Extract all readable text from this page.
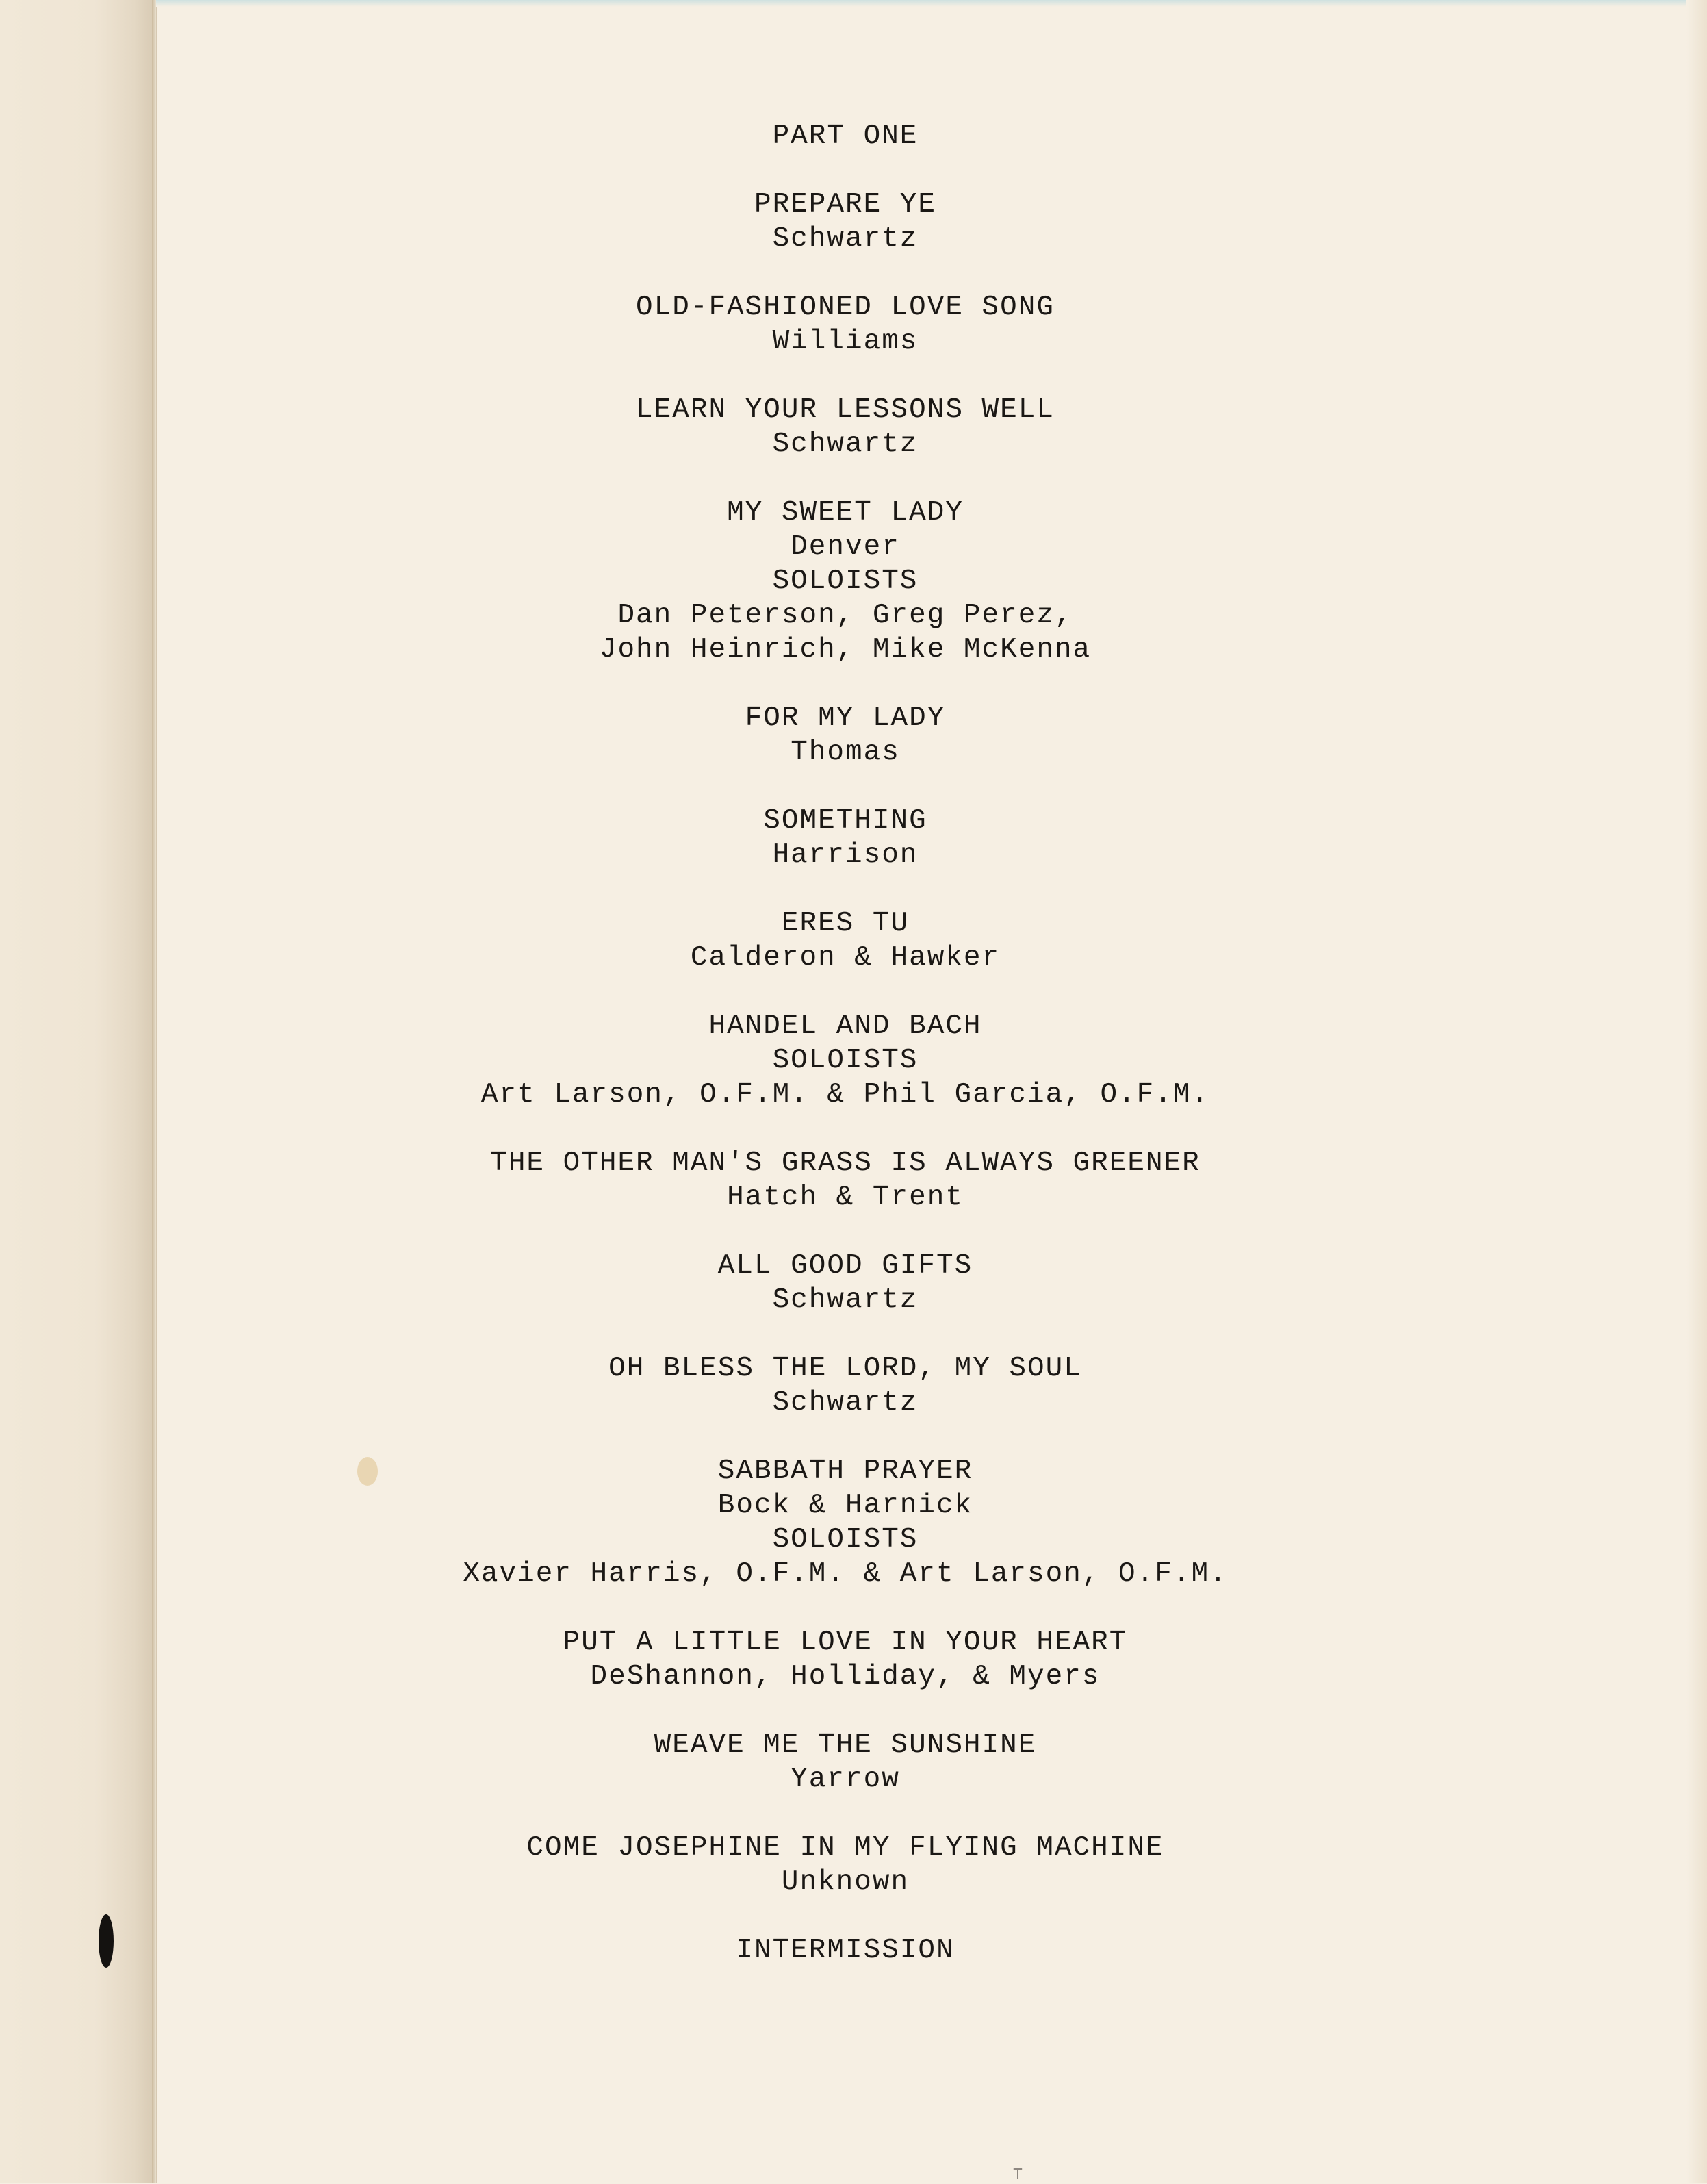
PART ONE
PREPARE YE
Schwartz
OLD-FASHIONED LOVE SONG
Williams
LEARN YOUR LESSONS WELL
Schwartz
MY SWEET LADY
Denver
SOLOISTS
Dan Peterson, Greg Perez,
John Heinrich, Mike McKenna
FOR MY LADY
Thomas
SOMETHING
Harrison
ERES TU
Calderon & Hawker
HANDEL AND BACH
SOLOISTS
Art Larson, O.F.M. & Phil Garcia, O.F.M.
THE OTHER MAN'S GRASS IS ALWAYS GREENER
Hatch & Trent
ALL GOOD GIFTS
Schwartz
OH BLESS THE LORD, MY SOUL
Schwartz
SABBATH PRAYER
Bock & Harnick
SOLOISTS
Xavier Harris, O.F.M. & Art Larson, O.F.M.
PUT A LITTLE LOVE IN YOUR HEART
DeShannon, Holliday, & Myers
WEAVE ME THE SUNSHINE
Yarrow
COME JOSEPHINE IN MY FLYING MACHINE
Unknown
INTERMISSION
⊤
